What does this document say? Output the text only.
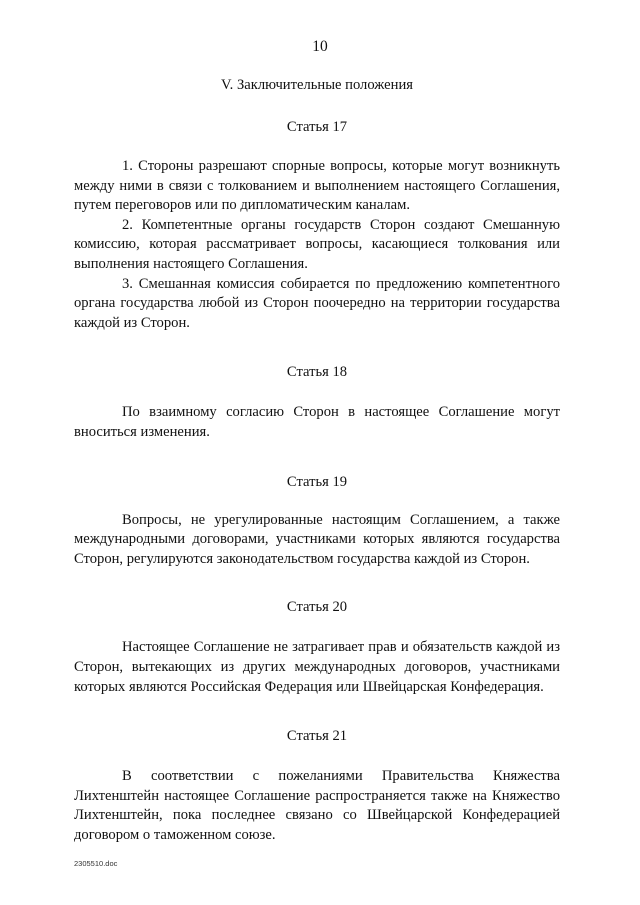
10

V. Заключительные положения

Статья 17

1. Стороны разрешают спорные вопросы, которые могут возникнуть между ними в связи с толкованием и выполнением настоящего Соглашения, путем переговоров или по дипломатическим каналам.

2. Компетентные органы государств Сторон создают Смешанную комиссию, которая рассматривает вопросы, касающиеся толкования или выполнения настоящего Соглашения.

3. Смешанная комиссия собирается по предложению компетентного органа государства любой из Сторон поочередно на территории государства каждой из Сторон.

Статья 18

По взаимному согласию Сторон в настоящее Соглашение могут вноситься изменения.

Статья 19

Вопросы, не урегулированные настоящим Соглашением, а также международными договорами, участниками которых являются государства Сторон, регулируются законодательством государства каждой из Сторон.

Статья 20

Настоящее Соглашение не затрагивает прав и обязательств каждой из Сторон, вытекающих из других международных договоров, участниками которых являются Российская Федерация или Швейцарская Конфедерация.

Статья 21

В соответствии с пожеланиями Правительства Княжества Лихтенштейн настоящее Соглашение распространяется также на Княжество Лихтенштейн, пока последнее связано со Швейцарской Конфедерацией договором о таможенном союзе.

2305510.doc
